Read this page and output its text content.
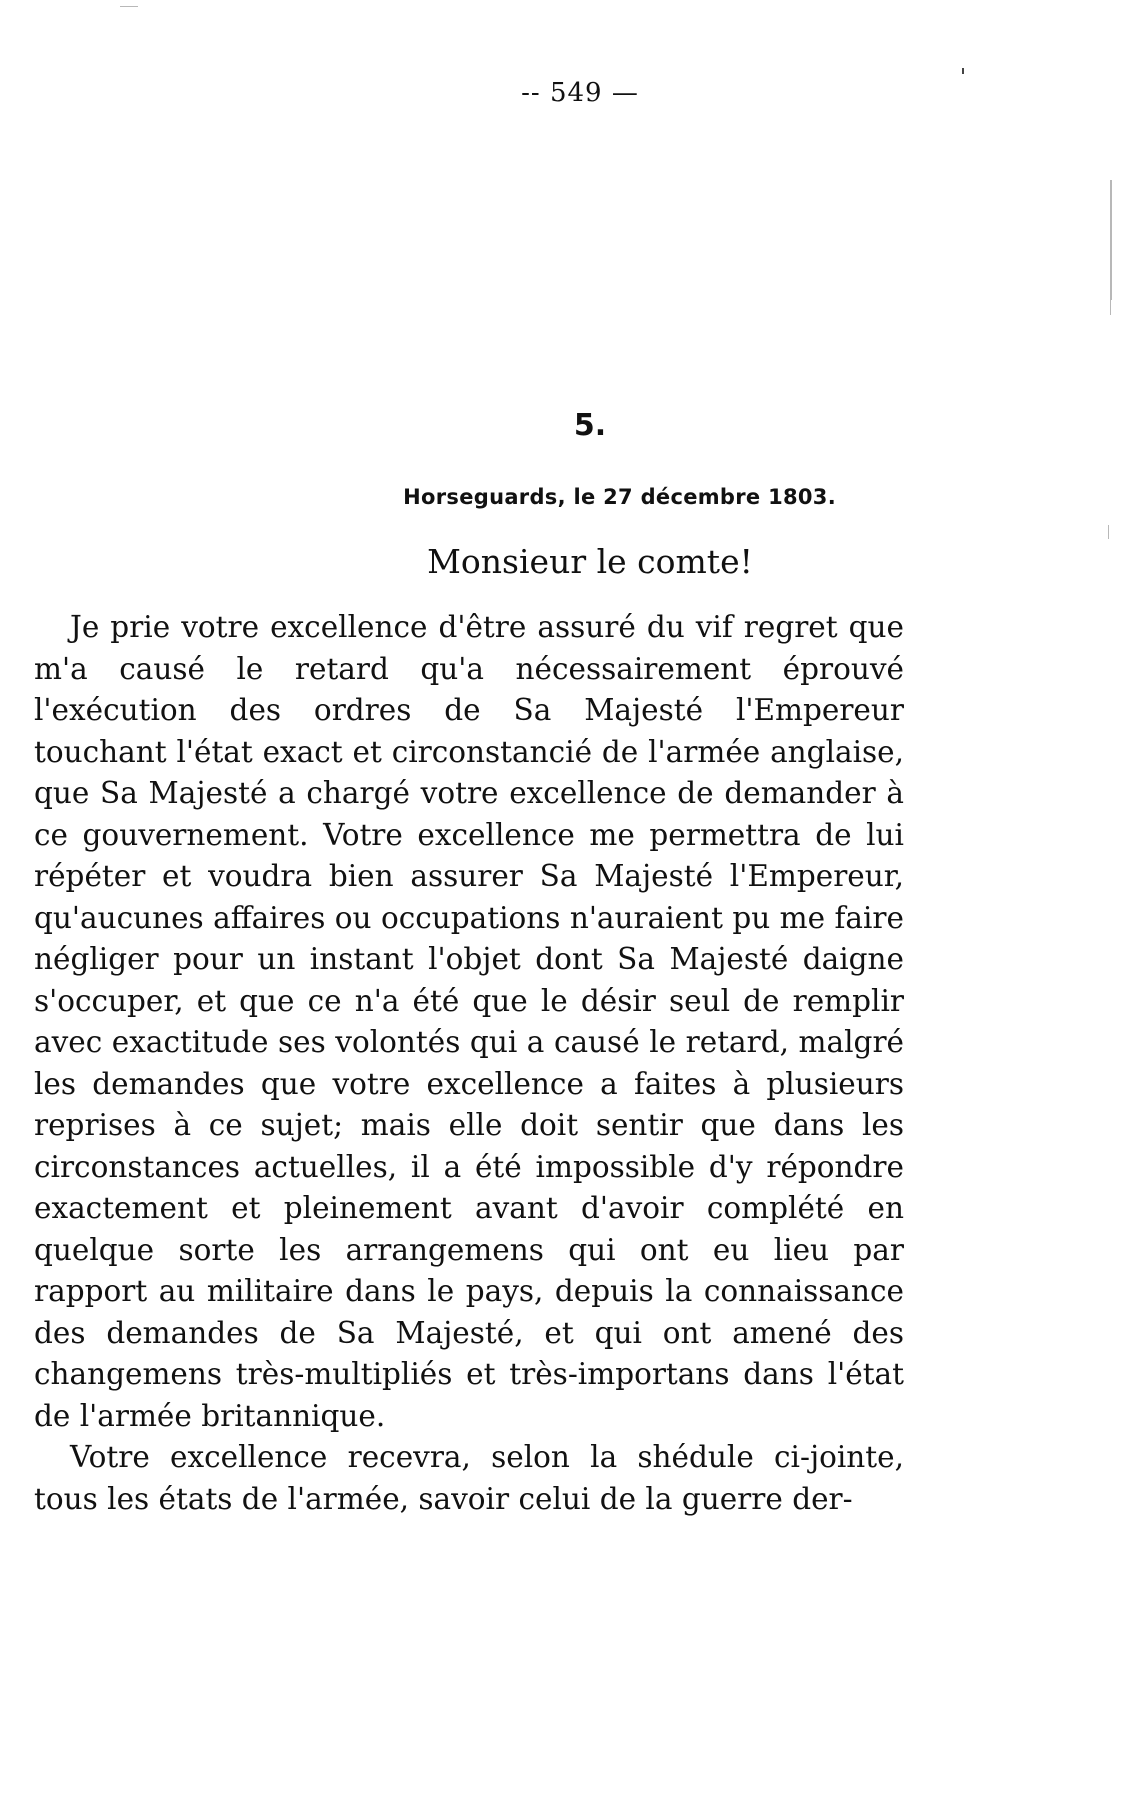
-- 549 —
5.
Horseguards, le 27 décembre 1803.
Monsieur le comte!

Je prie votre excellence d'être assuré du vif regret que m'a causé le retard qu'a nécessairement éprouvé l'exécution des ordres de Sa Majesté l'Empereur touchant l'état exact et circonstancié de l'armée anglaise, que Sa Majesté a chargé votre excellence de demander à ce gouvernement. Votre excellence me permettra de lui répéter et voudra bien assurer Sa Majesté l'Empereur, qu'aucunes affaires ou occupations n'auraient pu me faire négliger pour un instant l'objet dont Sa Majesté daigne s'occuper, et que ce n'a été que le désir seul de remplir avec exactitude ses volontés qui a causé le retard, malgré les demandes que votre excellence a faites à plusieurs reprises à ce sujet; mais elle doit sentir que dans les circonstances actuelles, il a été impossible d'y répondre exactement et pleinement avant d'avoir complété en quelque sorte les arrangemens qui ont eu lieu par rapport au militaire dans le pays, depuis la connaissance des demandes de Sa Majesté, et qui ont amené des changemens très-multipliés et très-importans dans l'état de l'armée britannique.

Votre excellence recevra, selon la shédule ci-jointe, tous les états de l'armée, savoir celui de la guerre der-
